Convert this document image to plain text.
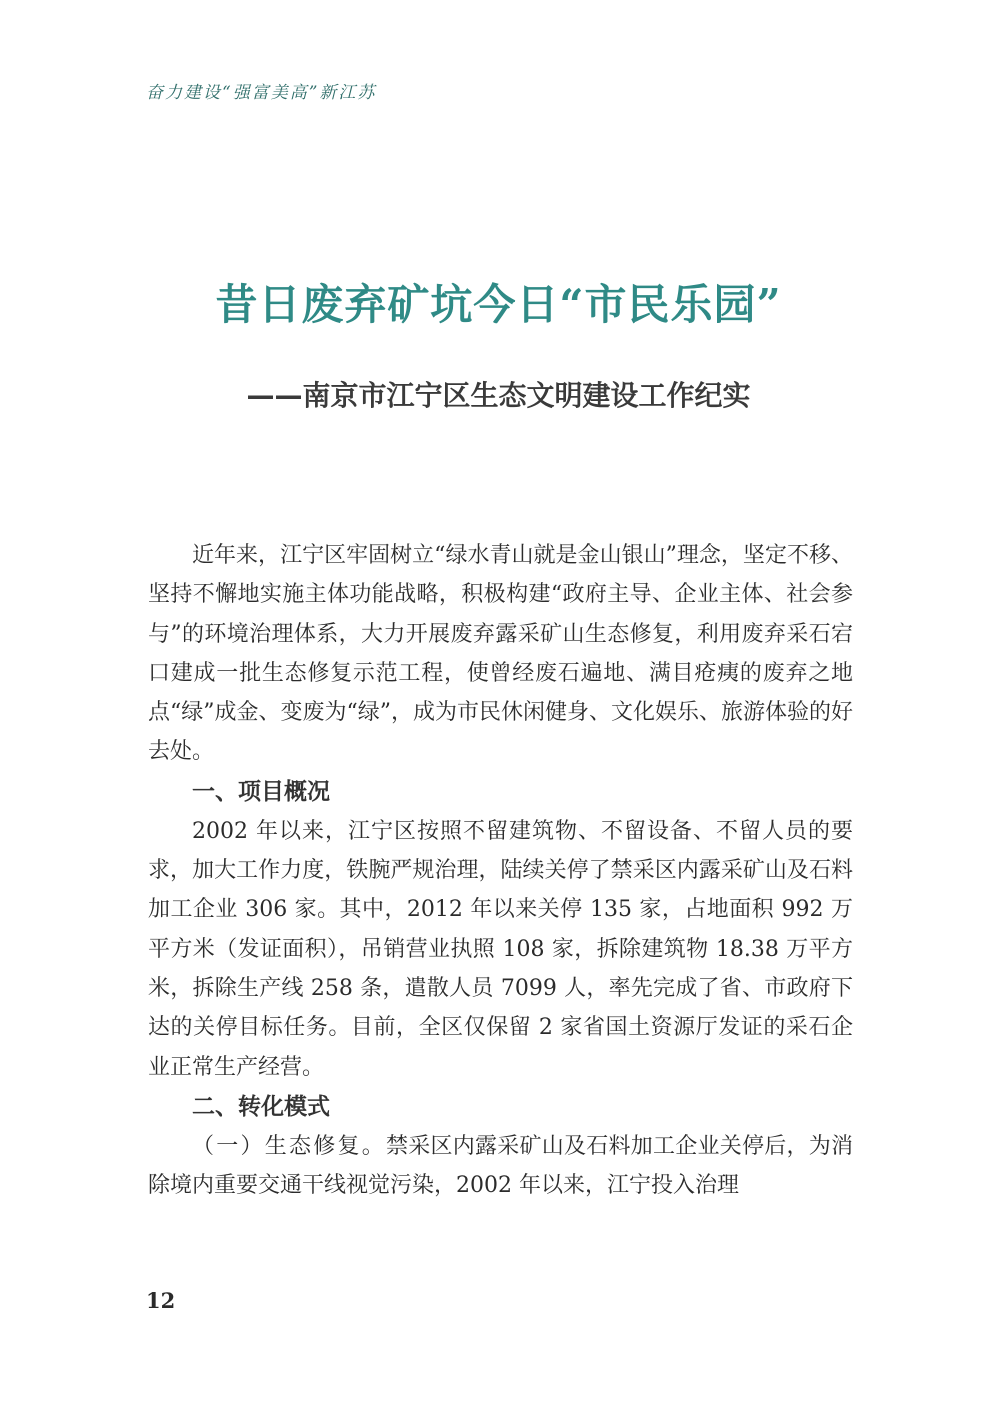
奋力建设“强富美高”新江苏
昔日废弃矿坑今日“市民乐园”
——南京市江宁区生态文明建设工作纪实

近年来，江宁区牢固树立“绿水青山就是金山银山”理念，坚定不移、坚持不懈地实施主体功能战略，积极构建“政府主导、企业主体、社会参与”的环境治理体系，大力开展废弃露采矿山生态修复，利用废弃采石宕口建成一批生态修复示范工程，使曾经废石遍地、满目疮痍的废弃之地点“绿”成金、变废为“绿”，成为市民休闲健身、文化娱乐、旅游体验的好去处。

一、项目概况

2002 年以来，江宁区按照不留建筑物、不留设备、不留人员的要求，加大工作力度，铁腕严规治理，陆续关停了禁采区内露采矿山及石料加工企业 306 家。其中，2012 年以来关停 135 家，占地面积 992 万平方米（发证面积），吊销营业执照 108 家，拆除建筑物 18.38 万平方米，拆除生产线 258 条，遣散人员 7099 人，率先完成了省、市政府下达的关停目标任务。目前，全区仅保留 2 家省国土资源厅发证的采石企业正常生产经营。

二、转化模式

（一）生态修复。禁采区内露采矿山及石料加工企业关停后，为消除境内重要交通干线视觉污染，2002 年以来，江宁投入治理

12
